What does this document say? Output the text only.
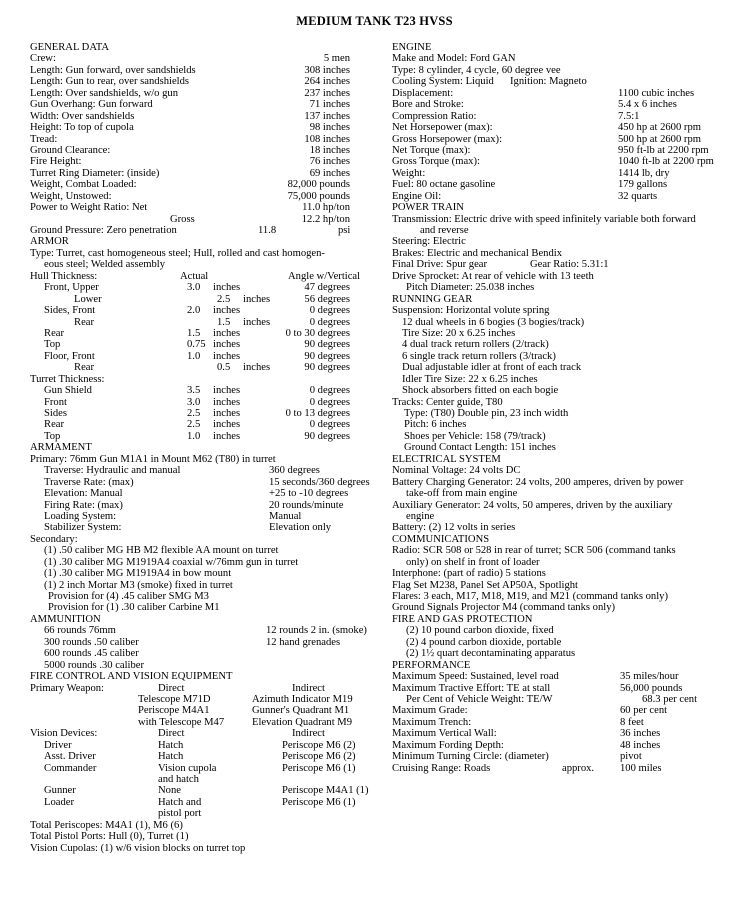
MEDIUM TANK T23 HVSS
GENERAL DATA
Crew:	5 men
Length: Gun forward, over sandshields	308 inches
Length: Gun to rear, over sandshields	264 inches
Length: Over sandshields, w/o gun	237 inches
Gun Overhang: Gun forward	71 inches
Width: Over sandshields	137 inches
Height: To top of cupola	98 inches
Tread:	108 inches
Ground Clearance:	18 inches
Fire Height:	76 inches
Turret Ring Diameter: (inside)	69 inches
Weight, Combat Loaded:	82,000 pounds
Weight, Unstowed:	75,000 pounds
Power to Weight Ratio: Net	11.0 hp/ton
Gross	12.2 hp/ton
Ground Pressure: Zero penetration	11.8	psi
ARMOR
Type: Turret, cast homogeneous steel; Hull, rolled and cast homogen-
eous steel; Welded assembly
Hull Thickness:	Actual	Angle w/Vertical
Front, Upper	3.0 inches	47 degrees
Lower	2.5 inches	56 degrees
Sides, Front	2.0 inches	0 degrees
Rear	1.5 inches	0 degrees
Rear	1.5 inches	0 to 30 degrees
Top	0.75 inches	90 degrees
Floor, Front	1.0 inches	90 degrees
Rear	0.5 inches	90 degrees
Turret Thickness:
Gun Shield	3.5 inches	0 degrees
Front	3.0 inches	0 degrees
Sides	2.5 inches	0 to 13 degrees
Rear	2.5 inches	0 degrees
Top	1.0 inches	90 degrees
ARMAMENT
Primary: 76mm Gun M1A1 in Mount M62 (T80) in turret
Traverse: Hydraulic and manual	360 degrees
Traverse Rate: (max)	15 seconds/360 degrees
Elevation: Manual	+25 to -10 degrees
Firing Rate: (max)	20 rounds/minute
Loading System:	Manual
Stabilizer System:	Elevation only
Secondary:
(1) .50 caliber MG HB M2 flexible AA mount on turret
(1) .30 caliber MG M1919A4 coaxial w/76mm gun in turret
(1) .30 caliber MG M1919A4 in bow mount
(1) 2 inch Mortar M3 (smoke) fixed in turret
Provision for (4) .45 caliber SMG M3
Provision for (1) .30 caliber Carbine M1
AMMUNITION
66 rounds 76mm	12 rounds 2 in. (smoke)
300 rounds .50 caliber	12 hand grenades
600 rounds .45 caliber
5000 rounds .30 caliber
FIRE CONTROL AND VISION EQUIPMENT
Primary Weapon:	Direct	Indirect
Telescope M71D	Azimuth Indicator M19
Periscope M4A1	Gunner's Quadrant M1
with Telescope M47	Elevation Quadrant M9
Vision Devices:	Direct	Indirect
Driver	Hatch	Periscope M6 (2)
Asst. Driver	Hatch	Periscope M6 (2)
Commander	Vision cupola	Periscope M6 (1)
and hatch
Gunner	None	Periscope M4A1 (1)
Loader	Hatch and	Periscope M6 (1)
pistol port
Total Periscopes: M4A1 (1), M6 (6)
Total Pistol Ports: Hull (0), Turret (1)
Vision Cupolas: (1) w/6 vision blocks on turret top
ENGINE
Make and Model: Ford GAN
Type: 8 cylinder, 4 cycle, 60 degree vee
Cooling System: Liquid Ignition: Magneto
Displacement:	1100 cubic inches
Bore and Stroke:	5.4 x 6 inches
Compression Ratio:	7.5:1
Net Horsepower (max):	450 hp at 2600 rpm
Gross Horsepower (max):	500 hp at 2600 rpm
Net Torque (max):	950 ft-lb at 2200 rpm
Gross Torque (max):	1040 ft-lb at 2200 rpm
Weight:	1414 lb, dry
Fuel: 80 octane gasoline	179 gallons
Engine Oil:	32 quarts
POWER TRAIN
Transmission: Electric drive with speed infinitely variable both forward
and reverse
Steering: Electric
Brakes: Electric and mechanical Bendix
Final Drive: Spur gear	Gear Ratio: 5.31:1
Drive Sprocket: At rear of vehicle with 13 teeth
Pitch Diameter: 25.038 inches
RUNNING GEAR
Suspension: Horizontal volute spring
12 dual wheels in 6 bogies (3 bogies/track)
Tire Size: 20 x 6.25 inches
4 dual track return rollers (2/track)
6 single track return rollers (3/track)
Dual adjustable idler at front of each track
Idler Tire Size: 22 x 6.25 inches
Shock absorbers fitted on each bogie
Tracks: Center guide, T80
Type: (T80) Double pin, 23 inch width
Pitch: 6 inches
Shoes per Vehicle: 158 (79/track)
Ground Contact Length: 151 inches
ELECTRICAL SYSTEM
Nominal Voltage: 24 volts DC
Battery Charging Generator: 24 volts, 200 amperes, driven by power
take-off from main engine
Auxiliary Generator: 24 volts, 50 amperes, driven by the auxiliary
engine
Battery: (2) 12 volts in series
COMMUNICATIONS
Radio: SCR 508 or 528 in rear of turret; SCR 506 (command tanks
only) on shelf in front of loader
Interphone: (part of radio) 5 stations
Flag Set M238, Panel Set AP50A, Spotlight
Flares: 3 each, M17, M18, M19, and M21 (command tanks only)
Ground Signals Projector M4 (command tanks only)
FIRE AND GAS PROTECTION
(2) 10 pound carbon dioxide, fixed
(2) 4 pound carbon dioxide, portable
(2) 1½ quart decontaminating apparatus
PERFORMANCE
Maximum Speed: Sustained, level road	35 miles/hour
Maximum Tractive Effort: TE at stall	56,000 pounds
Per Cent of Vehicle Weight: TE/W	68.3 per cent
Maximum Grade:	60 per cent
Maximum Trench:	8 feet
Maximum Vertical Wall:	36 inches
Maximum Fording Depth:	48 inches
Minimum Turning Circle: (diameter)	pivot
Cruising Range: Roads	approx. 100 miles
